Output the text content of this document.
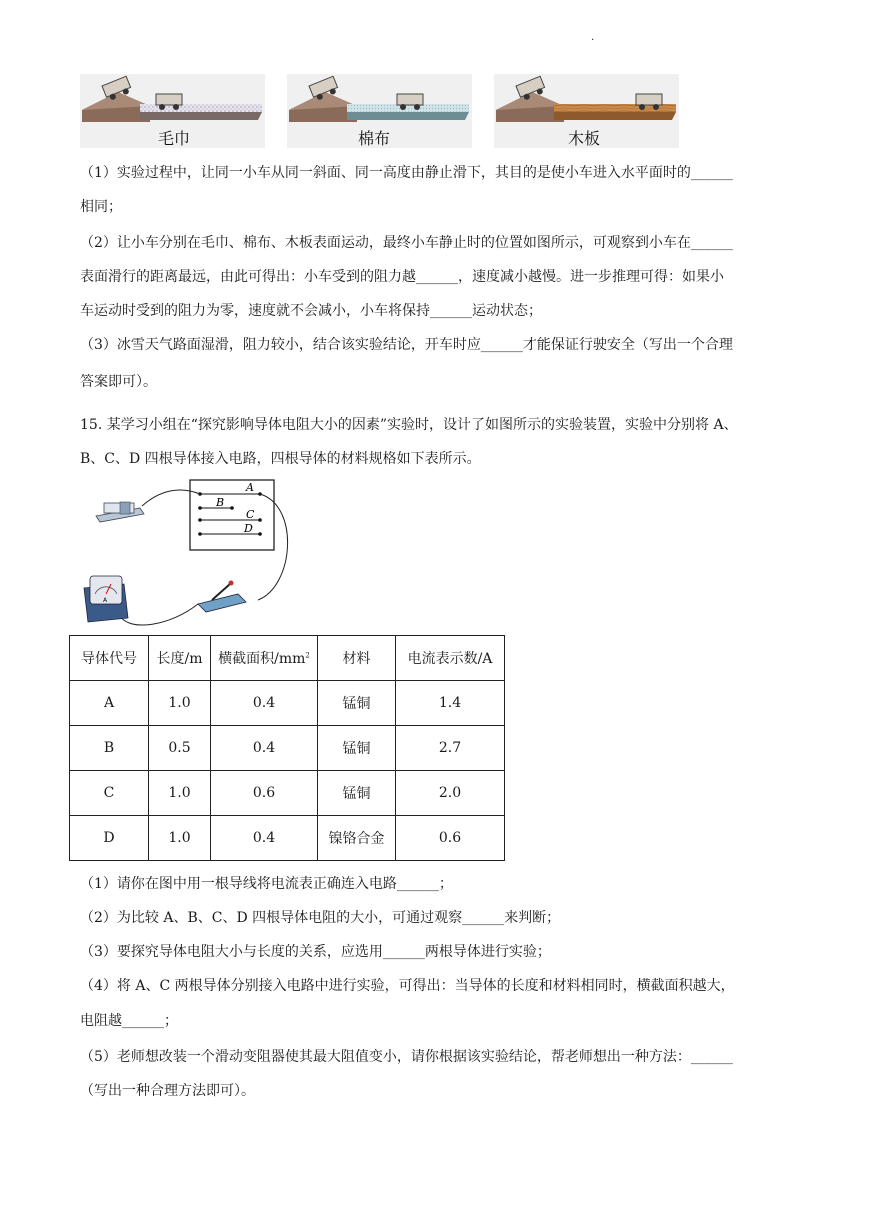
.
毛巾	棉布	木板
（1）实验过程中，让同一小车从同一斜面、同一高度由静止滑下，其目的是使小车进入水平面时的______
相同；
（2）让小车分别在毛巾、棉布、木板表面运动，最终小车静止时的位置如图所示，可观察到小车在______
表面滑行的距离最远，由此可得出：小车受到的阻力越______，速度减小越慢。进一步推理可得：如果小
车运动时受到的阻力为零，速度就不会减小，小车将保持______运动状态；
（3）冰雪天气路面湿滑，阻力较小，结合该实验结论，开车时应______才能保证行驶安全（写出一个合理
答案即可）。
15. 某学习小组在“探究影响导体电阻大小的因素”实验时，设计了如图所示的实验装置，实验中分别将 A、
B、C、D 四根导体接入电路，四根导体的材料规格如下表所示。
A
B
C
D
A
导体代号	长度/m	横截面积$/mm^2$	材料	电流表示数/A
A	1.0	0.4	锰铜	1.4
B	0.5	0.4	锰铜	2.7
C	1.0	0.6	锰铜	2.0
D	1.0	0.4	镍铬合金	0.6
（1）请你在图中用一根导线将电流表正确连入电路______；
（2）为比较 A、B、C、D 四根导体电阻的大小，可通过观察______来判断；
（3）要探究导体电阻大小与长度的关系，应选用______两根导体进行实验；
（4）将 A、C 两根导体分别接入电路中进行实验，可得出：当导体的长度和材料相同时，横截面积越大，
电阻越______；
（5）老师想改装一个滑动变阻器使其最大阻值变小，请你根据该实验结论，帮老师想出一种方法：______
（写出一种合理方法即可）。
